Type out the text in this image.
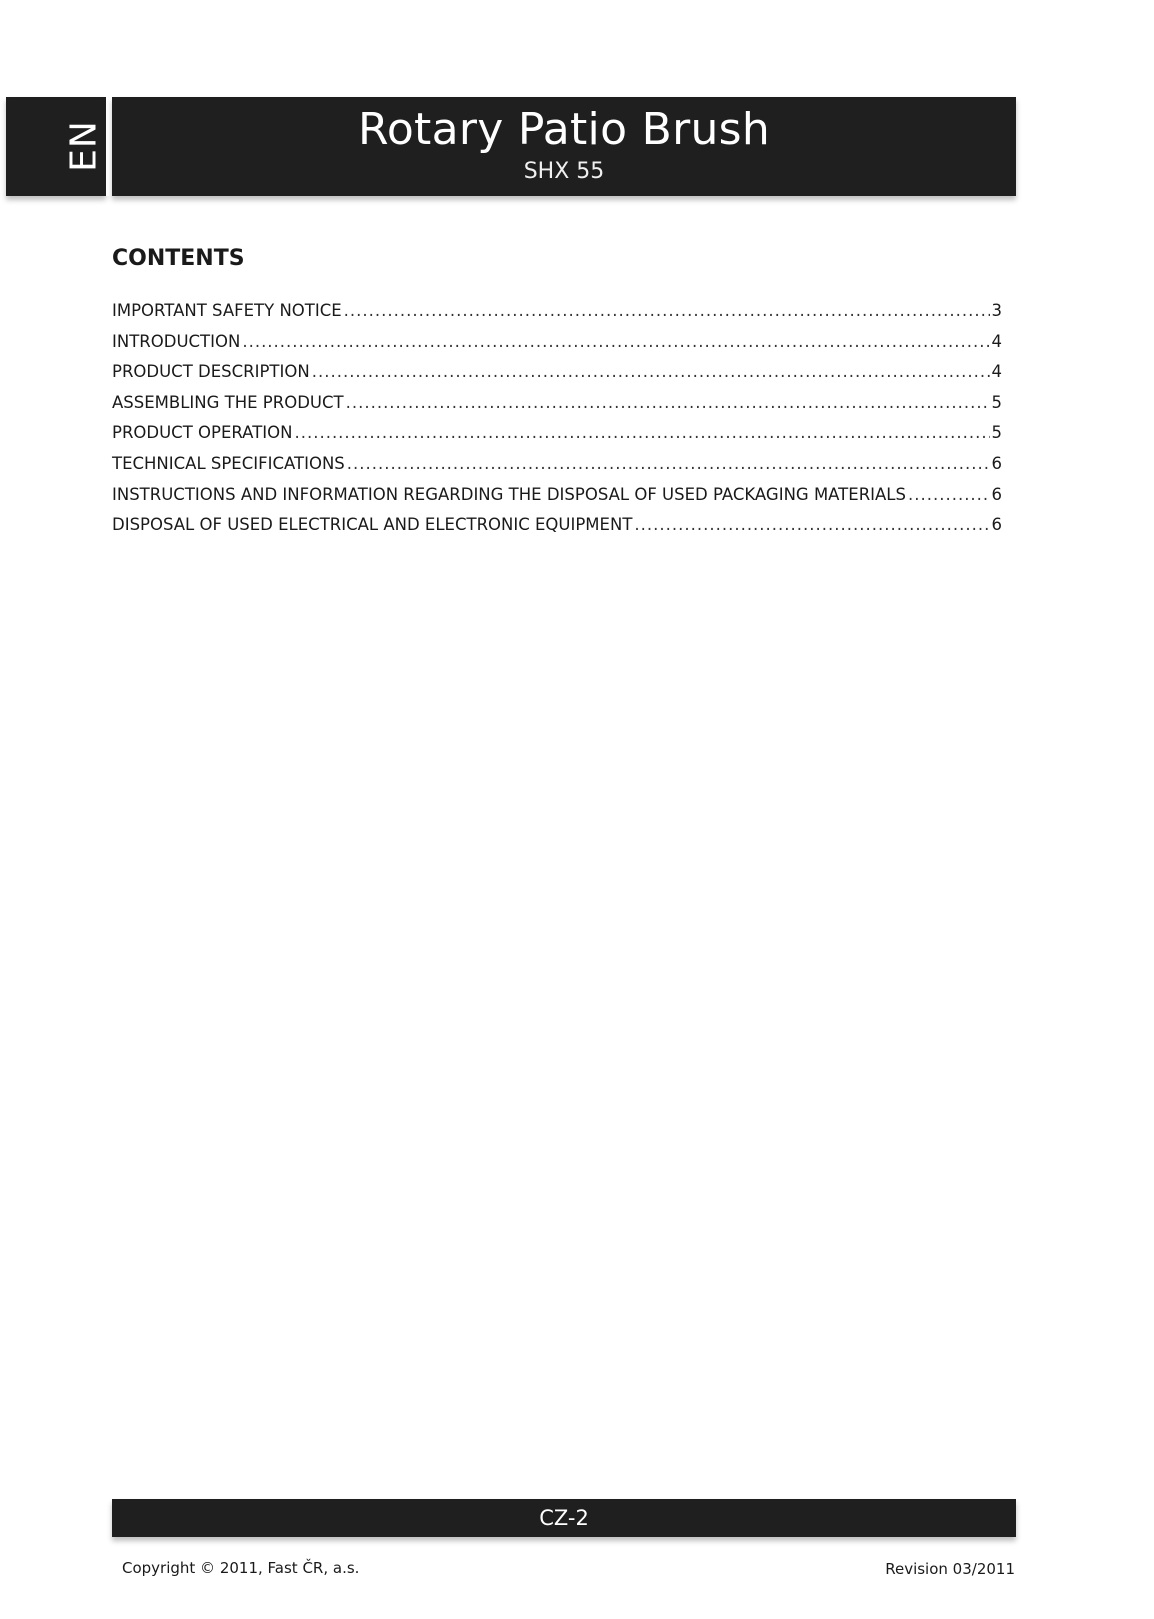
EN	Rotary Patio Brush
SHX 55
CONTENTS
IMPORTANT SAFETY NOTICE .....	3
INTRODUCTION .....	4
PRODUCT DESCRIPTION .....	4
ASSEMBLING THE PRODUCT .....	5
PRODUCT OPERATION .....	5
TECHNICAL SPECIFICATIONS .....	6
INSTRUCTIONS AND INFORMATION REGARDING THE DISPOSAL OF USED PACKAGING MATERIALS .....	6
DISPOSAL OF USED ELECTRICAL AND ELECTRONIC EQUIPMENT .....	6
CZ-2
Copyright © 2011, Fast ČR, a.s.	Revision 03/2011
